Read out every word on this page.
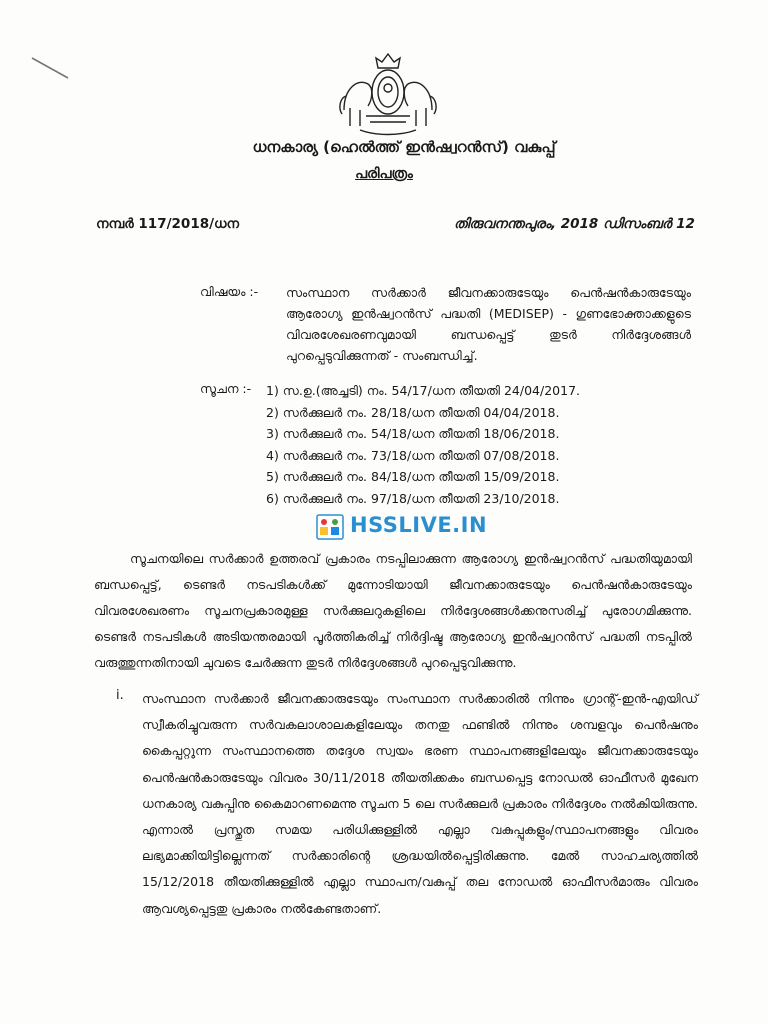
ധനകാര്യ (ഹെൽത്ത് ഇൻഷ്വറൻസ്) വകുപ്പ്
പരിപത്രം
നമ്പർ 117/2018/ധന	തിരുവനന്തപുരം, 2018 ഡിസംബർ 12
വിഷയം :- സംസ്ഥാന സർക്കാർ ജീവനക്കാരുടേയും പെൻഷൻകാരുടേയും ആരോഗ്യ ഇൻഷ്വറൻസ് പദ്ധതി (MEDISEP) - ഗുണഭോക്താക്കളുടെ വിവരശേഖരണവുമായി ബന്ധപ്പെട്ട് തുടർ നിർദ്ദേശങ്ങൾ പുറപ്പെടുവിക്കുന്നത് - സംബന്ധിച്ച്.
സൂചന :- 1) സ.ഉ.(അച്ചടി) നം. 54/17/ധന തീയതി 24/04/2017.
2) സർക്കുലർ നം. 28/18/ധന തീയതി 04/04/2018.
3) സർക്കുലർ നം. 54/18/ധന തീയതി 18/06/2018.
4) സർക്കുലർ നം. 73/18/ധന തീയതി 07/08/2018.
5) സർക്കുലർ നം. 84/18/ധന തീയതി 15/09/2018.
6) സർക്കുലർ നം. 97/18/ധന തീയതി 23/10/2018.
HSSLIVE.IN
സൂചനയിലെ സർക്കാർ ഉത്തരവ് പ്രകാരം നടപ്പിലാക്കുന്ന ആരോഗ്യ ഇൻഷ്വറൻസ് പദ്ധതിയുമായി ബന്ധപ്പെട്ട്, ടെണ്ടർ നടപടികൾക്ക് മുന്നോടിയായി ജീവനക്കാരുടേയും പെൻഷൻകാരുടേയും വിവരശേഖരണം സൂചനപ്രകാരമുള്ള സർക്കുലറുകളിലെ നിർദ്ദേശങ്ങൾക്കനുസരിച്ച് പുരോഗമിക്കുന്നു. ടെണ്ടർ നടപടികൾ അടിയന്തരമായി പൂർത്തികരിച്ച് നിർദ്ദിഷ്ട ആരോഗ്യ ഇൻഷ്വറൻസ് പദ്ധതി നടപ്പിൽ വരുത്തുന്നതിനായി ചുവടെ ചേർക്കുന്ന തുടർ നിർദ്ദേശങ്ങൾ പുറപ്പെടുവിക്കുന്നു.
i. സംസ്ഥാന സർക്കാർ ജീവനക്കാരുടേയും സംസ്ഥാന സർക്കാരിൽ നിന്നും ഗ്രാന്റ്-ഇൻ-എയിഡ് സ്വീകരിച്ചുവരുന്ന സർവകലാശാലകളിലേയും തനതു ഫണ്ടിൽ നിന്നും ശമ്പളവും പെൻഷനും കൈപ്പറ്റുന്ന സംസ്ഥാനത്തെ തദ്ദേശ സ്വയം ഭരണ സ്ഥാപനങ്ങളിലേയും ജീവനക്കാരുടേയും പെൻഷൻകാരുടേയും വിവരം 30/11/2018 തീയതിക്കകം ബന്ധപ്പെട്ട നോഡൽ ഓഫീസർ മുഖേന ധനകാര്യ വകുപ്പിനു കൈമാറണമെന്നു സൂചന 5 ലെ സർക്കുലർ പ്രകാരം നിർദ്ദേശം നൽകിയിരുന്നു. എന്നാൽ പ്രസ്തുത സമയ പരിധിക്കുള്ളിൽ എല്ലാ വകുപ്പുകളും/സ്ഥാപനങ്ങളും വിവരം ലഭ്യമാക്കിയിട്ടില്ലെന്നത് സർക്കാരിന്റെ ശ്രദ്ധയിൽപ്പെട്ടിരിക്കുന്നു. മേൽ സാഹചര്യത്തിൽ 15/12/2018 തീയതിക്കുള്ളിൽ എല്ലാ സ്ഥാപന/വകുപ്പ് തല നോഡൽ ഓഫീസർമാരും വിവരം ആവശ്യപ്പെട്ടതു പ്രകാരം നൽകേണ്ടതാണ്.
